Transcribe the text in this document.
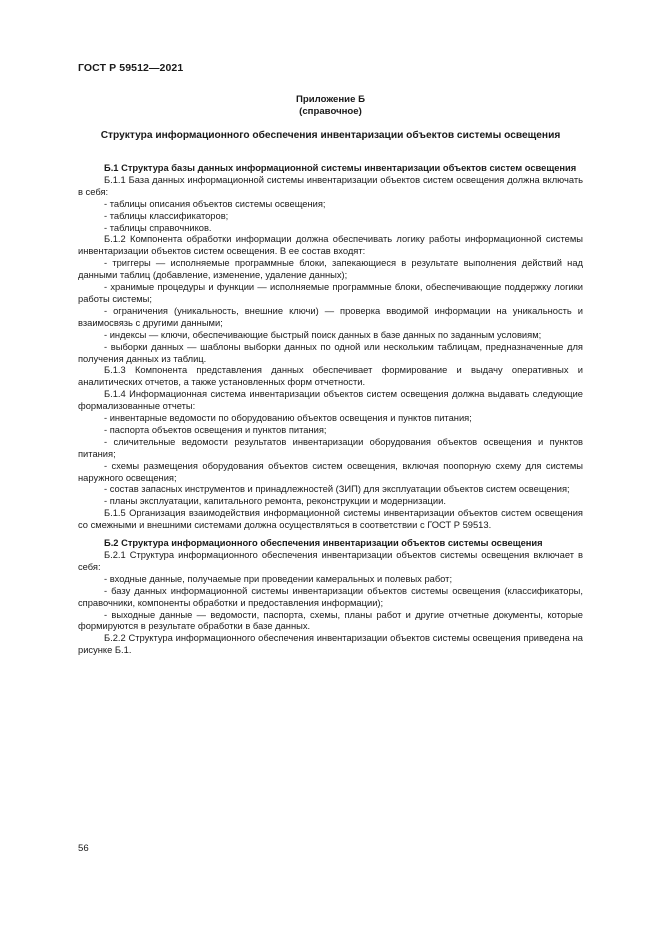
ГОСТ Р 59512—2021
Приложение Б
(справочное)
Структура информационного обеспечения инвентаризации объектов системы освещения

Б.1 Структура базы данных информационной системы инвентаризации объектов систем освещения

Б.1.1 База данных информационной системы инвентаризации объектов систем освещения должна включать в себя:

- таблицы описания объектов системы освещения;

- таблицы классификаторов;

- таблицы справочников.

Б.1.2 Компонента обработки информации должна обеспечивать логику работы информационной системы инвентаризации объектов систем освещения. В ее состав входят:

- триггеры — исполняемые программные блоки, запекающиеся в результате выполнения действий над данными таблиц (добавление, изменение, удаление данных);

- хранимые процедуры и функции — исполняемые программные блоки, обеспечивающие поддержку логики работы системы;

- ограничения (уникальность, внешние ключи) — проверка вводимой информации на уникальность и взаимосвязь с другими данными;

- индексы — ключи, обеспечивающие быстрый поиск данных в базе данных по заданным условиям;

- выборки данных — шаблоны выборки данных по одной или нескольким таблицам, предназначенные для получения данных из таблиц.

Б.1.3 Компонента представления данных обеспечивает формирование и выдачу оперативных и аналитических отчетов, а также установленных форм отчетности.

Б.1.4 Информационная система инвентаризации объектов систем освещения должна выдавать следующие формализованные отчеты:

- инвентарные ведомости по оборудованию объектов освещения и пунктов питания;

- паспорта объектов освещения и пунктов питания;

- сличительные ведомости результатов инвентаризации оборудования объектов освещения и пунктов питания;

- схемы размещения оборудования объектов систем освещения, включая поопорную схему для системы наружного освещения;

- состав запасных инструментов и принадлежностей (ЗИП) для эксплуатации объектов систем освещения;

- планы эксплуатации, капитального ремонта, реконструкции и модернизации.

Б.1.5 Организация взаимодействия информационной системы инвентаризации объектов систем освещения со смежными и внешними системами должна осуществляться в соответствии с ГОСТ Р 59513.

Б.2 Структура информационного обеспечения инвентаризации объектов системы освещения

Б.2.1 Структура информационного обеспечения инвентаризации объектов системы освещения включает в себя:

- входные данные, получаемые при проведении камеральных и полевых работ;

- базу данных информационной системы инвентаризации объектов системы освещения (классификаторы, справочники, компоненты обработки и предоставления информации);

- выходные данные — ведомости, паспорта, схемы, планы работ и другие отчетные документы, которые формируются в результате обработки в базе данных.

Б.2.2 Структура информационного обеспечения инвентаризации объектов системы освещения приведена на рисунке Б.1.

56
